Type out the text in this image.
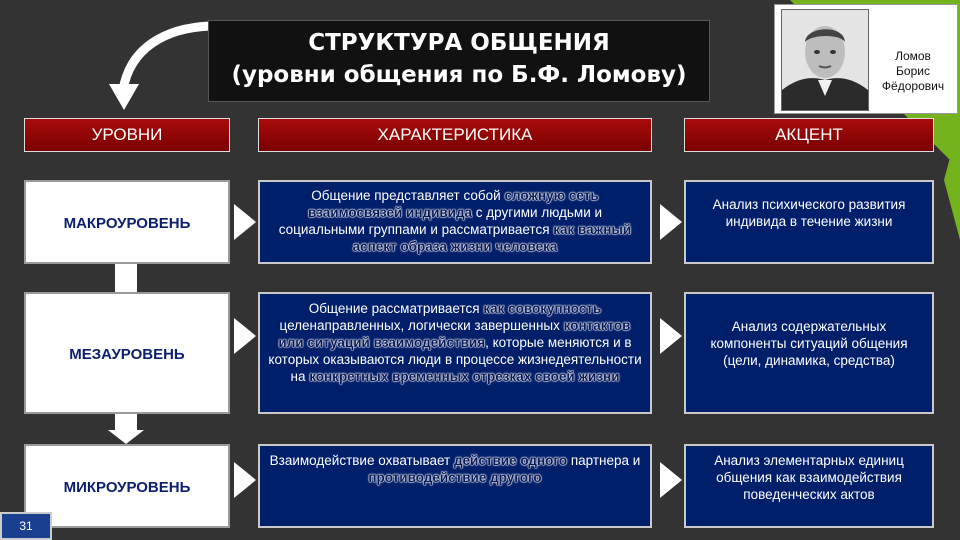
СТРУКТУРА ОБЩЕНИЯ
(уровни общения по Б.Ф. Ломову)
Ломов
Борис
Фёдорович
УРОВНИ	ХАРАКТЕРИСТИКА	АКЦЕНТ
МАКРОУРОВЕНЬ
Общение представляет собой сложную сеть взаимосвязей индивида с другими людьми и социальными группами и рассматривается как важный аспект образа жизни человека
Анализ психического развития индивида в течение жизни
МЕЗАУРОВЕНЬ
Общение рассматривается как совокупность целенаправленных, логически завершенных контактов или ситуаций взаимодействия, которые меняются и в которых оказываются люди в процессе жизнедеятельности на конкретных временных отрезках своей жизни
Анализ содержательных компоненты ситуаций общения (цели, динамика, средства)
МИКРОУРОВЕНЬ
Взаимодействие охватывает действие одного партнера и противодействие другого
Анализ элементарных единиц общения как взаимодействия поведенческих актов
31
